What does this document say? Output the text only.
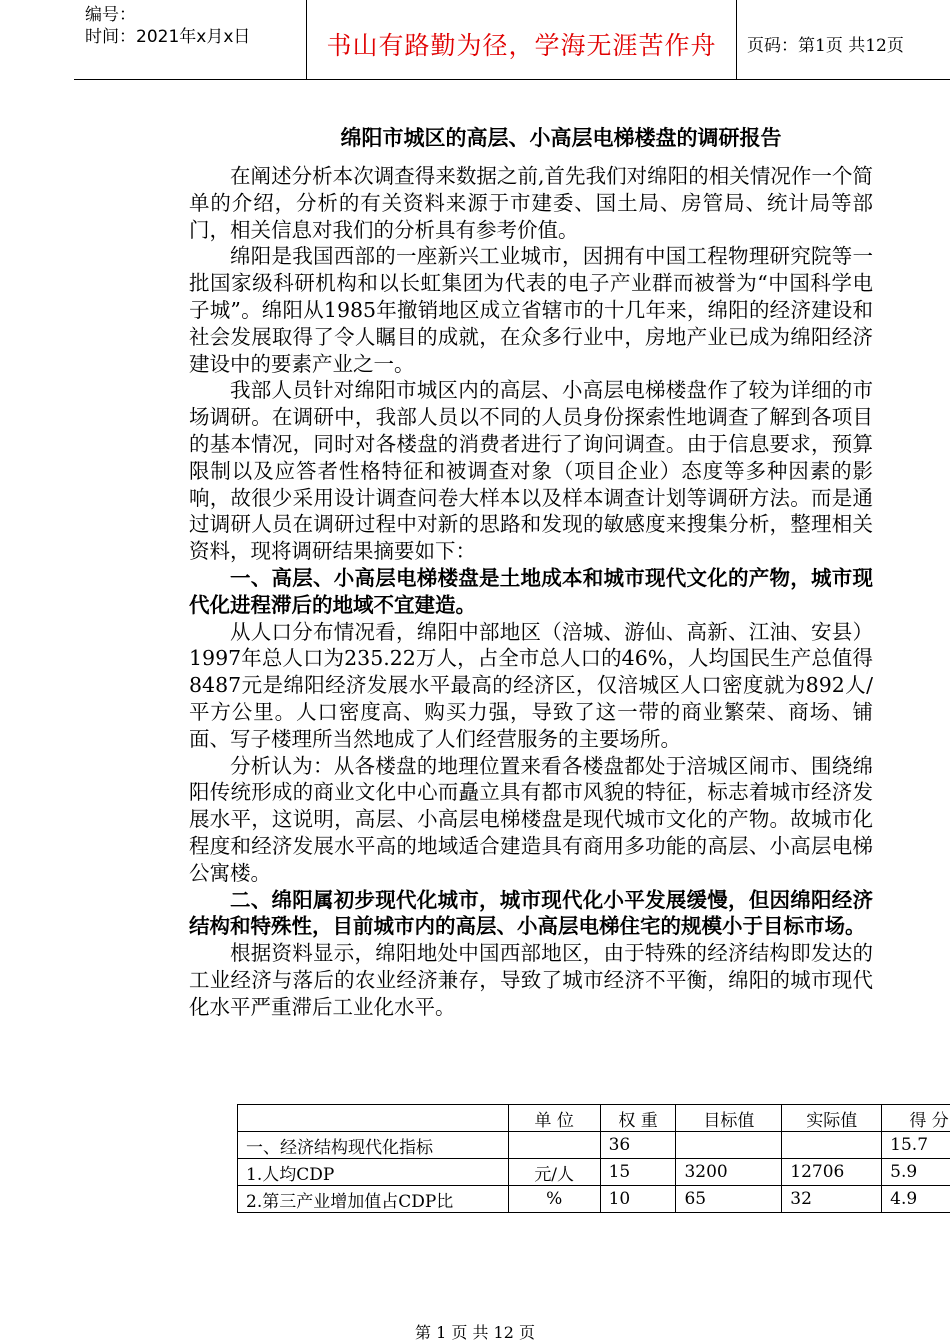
编号：
时间：2021年x月x日	书山有路勤为径，学海无涯苦作舟	页码：第1页 共12页
绵阳市城区的高层、小高层电梯楼盘的调研报告

在阐述分析本次调查得来数据之前,首先我们对绵阳的相关情况作一个简单的介绍，分析的有关资料来源于市建委、国土局、房管局、统计局等部门，相关信息对我们的分析具有参考价值。

绵阳是我国西部的一座新兴工业城市，因拥有中国工程物理研究院等一批国家级科研机构和以长虹集团为代表的电子产业群而被誉为“中国科学电子城”。绵阳从1985年撤销地区成立省辖市的十几年来，绵阳的经济建设和社会发展取得了令人瞩目的成就，在众多行业中，房地产业已成为绵阳经济建设中的要素产业之一。

我部人员针对绵阳市城区内的高层、小高层电梯楼盘作了较为详细的市场调研。在调研中，我部人员以不同的人员身份探索性地调查了解到各项目的基本情况，同时对各楼盘的消费者进行了询问调查。由于信息要求，预算限制以及应答者性格特征和被调查对象（项目企业）态度等多种因素的影响，故很少采用设计调查问卷大样本以及样本调查计划等调研方法。而是通过调研人员在调研过程中对新的思路和发现的敏感度来搜集分析，整理相关资料，现将调研结果摘要如下：

一、高层、小高层电梯楼盘是土地成本和城市现代文化的产物，城市现代化进程滞后的地域不宜建造。

从人口分布情况看，绵阳中部地区（涪城、游仙、高新、江油、安县）1997年总人口为235.22万人，占全市总人口的46%，人均国民生产总值得8487元是绵阳经济发展水平最高的经济区，仅涪城区人口密度就为892人/平方公里。人口密度高、购买力强，导致了这一带的商业繁荣、商场、铺面、写子楼理所当然地成了人们经营服务的主要场所。

分析认为：从各楼盘的地理位置来看各楼盘都处于涪城区闹市、围绕绵阳传统形成的商业文化中心而矗立具有都市风貌的特征，标志着城市经济发展水平，这说明，高层、小高层电梯楼盘是现代城市文化的产物。故城市化程度和经济发展水平高的地域适合建造具有商用多功能的高层、小高层电梯公寓楼。

二、绵阳属初步现代化城市，城市现代化小平发展缓慢，但因绵阳经济结构和特殊性，目前城市内的高层、小高层电梯住宅的规模小于目标市场。

根据资料显示，绵阳地处中国西部地区，由于特殊的经济结构即发达的工业经济与落后的农业经济兼存，导致了城市经济不平衡，绵阳的城市现代化水平严重滞后工业化水平。

	单 位	权 重	目标值	实际值	得 分
一、经济结构现代化指标		36			15.7
1.人均CDP	元/人	15	3200	12706	5.9
2.第三产业增加值占CDP比	%	10	65	32	4.9
第 1 页 共 12 页
